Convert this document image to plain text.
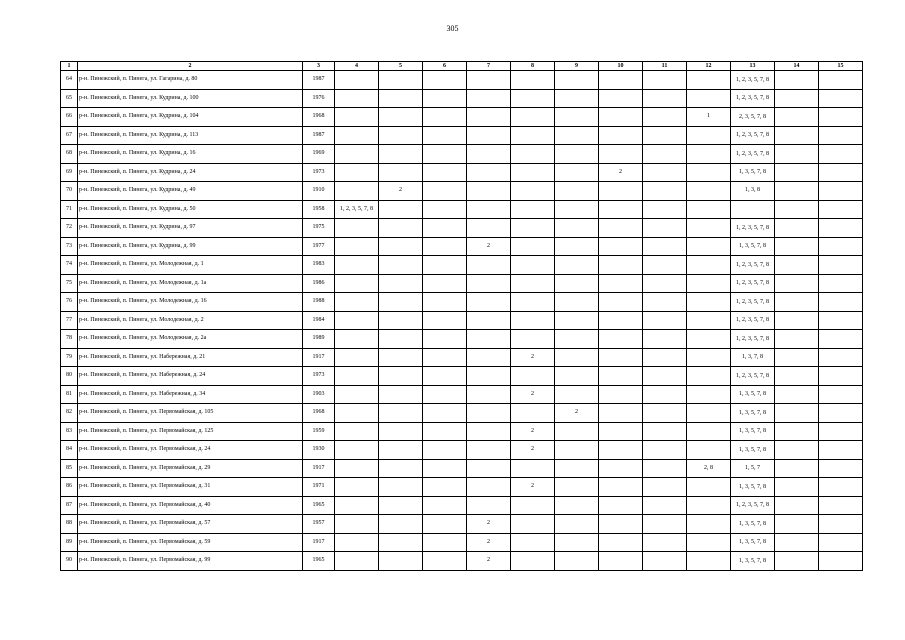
305
1	2	3	4	5	6	7	8	9	10	11	12	13	14	15
64	р-н. Пинежский, п. Пинега, ул. Гагарина, д. 80	1987										1, 2, 3, 5, 7, 8		
65	р-н. Пинежский, п. Пинега, ул. Кудрина, д. 100	1976										1, 2, 3, 5, 7, 8		
66	р-н. Пинежский, п. Пинега, ул. Кудрина, д. 104	1968									1	2, 3, 5, 7, 8		
67	р-н. Пинежский, п. Пинега, ул. Кудрина, д. 113	1987										1, 2, 3, 5, 7, 8		
68	р-н. Пинежский, п. Пинега, ул. Кудрина, д. 16	1969										1, 2, 3, 5, 7, 8		
69	р-н. Пинежский, п. Пинега, ул. Кудрина, д. 24	1973							2			1, 3, 5, 7, 8		
70	р-н. Пинежский, п. Пинега, ул. Кудрина, д. 49	1910		2								1, 3, 8		
71	р-н. Пинежский, п. Пинега, ул. Кудрина, д. 50	1958	1, 2, 3, 5, 7, 8											
72	р-н. Пинежский, п. Пинега, ул. Кудрина, д. 97	1975										1, 2, 3, 5, 7, 8		
73	р-н. Пинежский, п. Пинега, ул. Кудрина, д. 99	1977				2						1, 3, 5, 7, 8		
74	р-н. Пинежский, п. Пинега, ул. Молодежная, д. 1	1983										1, 2, 3, 5, 7, 8		
75	р-н. Пинежский, п. Пинега, ул. Молодежная, д. 1а	1986										1, 2, 3, 5, 7, 8		
76	р-н. Пинежский, п. Пинега, ул. Молодежная, д. 16	1988										1, 2, 3, 5, 7, 8		
77	р-н. Пинежский, п. Пинега, ул. Молодежная, д. 2	1984										1, 2, 3, 5, 7, 8		
78	р-н. Пинежский, п. Пинега, ул. Молодежная, д. 2а	1989										1, 2, 3, 5, 7, 8		
79	р-н. Пинежский, п. Пинега, ул. Набережная, д. 21	1917					2					1, 3, 7, 8		
80	р-н. Пинежский, п. Пинега, ул. Набережная, д. 24	1973										1, 2, 3, 5, 7, 8		
81	р-н. Пинежский, п. Пинега, ул. Набережная, д. 34	1903					2					1, 3, 5, 7, 8		
82	р-н. Пинежский, п. Пинега, ул. Первомайская, д. 105	1968						2				1, 3, 5, 7, 8		
83	р-н. Пинежский, п. Пинега, ул. Первомайская, д. 125	1959					2					1, 3, 5, 7, 8		
84	р-н. Пинежский, п. Пинега, ул. Первомайская, д. 24	1930					2					1, 3, 5, 7, 8		
85	р-н. Пинежский, п. Пинега, ул. Первомайская, д. 29	1917									2, 8	1, 5, 7		
86	р-н. Пинежский, п. Пинега, ул. Первомайская, д. 31	1971					2					1, 3, 5, 7, 8		
87	р-н. Пинежский, п. Пинега, ул. Первомайская, д. 40	1965										1, 2, 3, 5, 7, 8		
88	р-н. Пинежский, п. Пинега, ул. Первомайская, д. 57	1957				2						1, 3, 5, 7, 8		
89	р-н. Пинежский, п. Пинега, ул. Первомайская, д. 59	1917				2						1, 3, 5, 7, 8		
90	р-н. Пинежский, п. Пинега, ул. Первомайская, д. 99	1965				2						1, 3, 5, 7, 8		
